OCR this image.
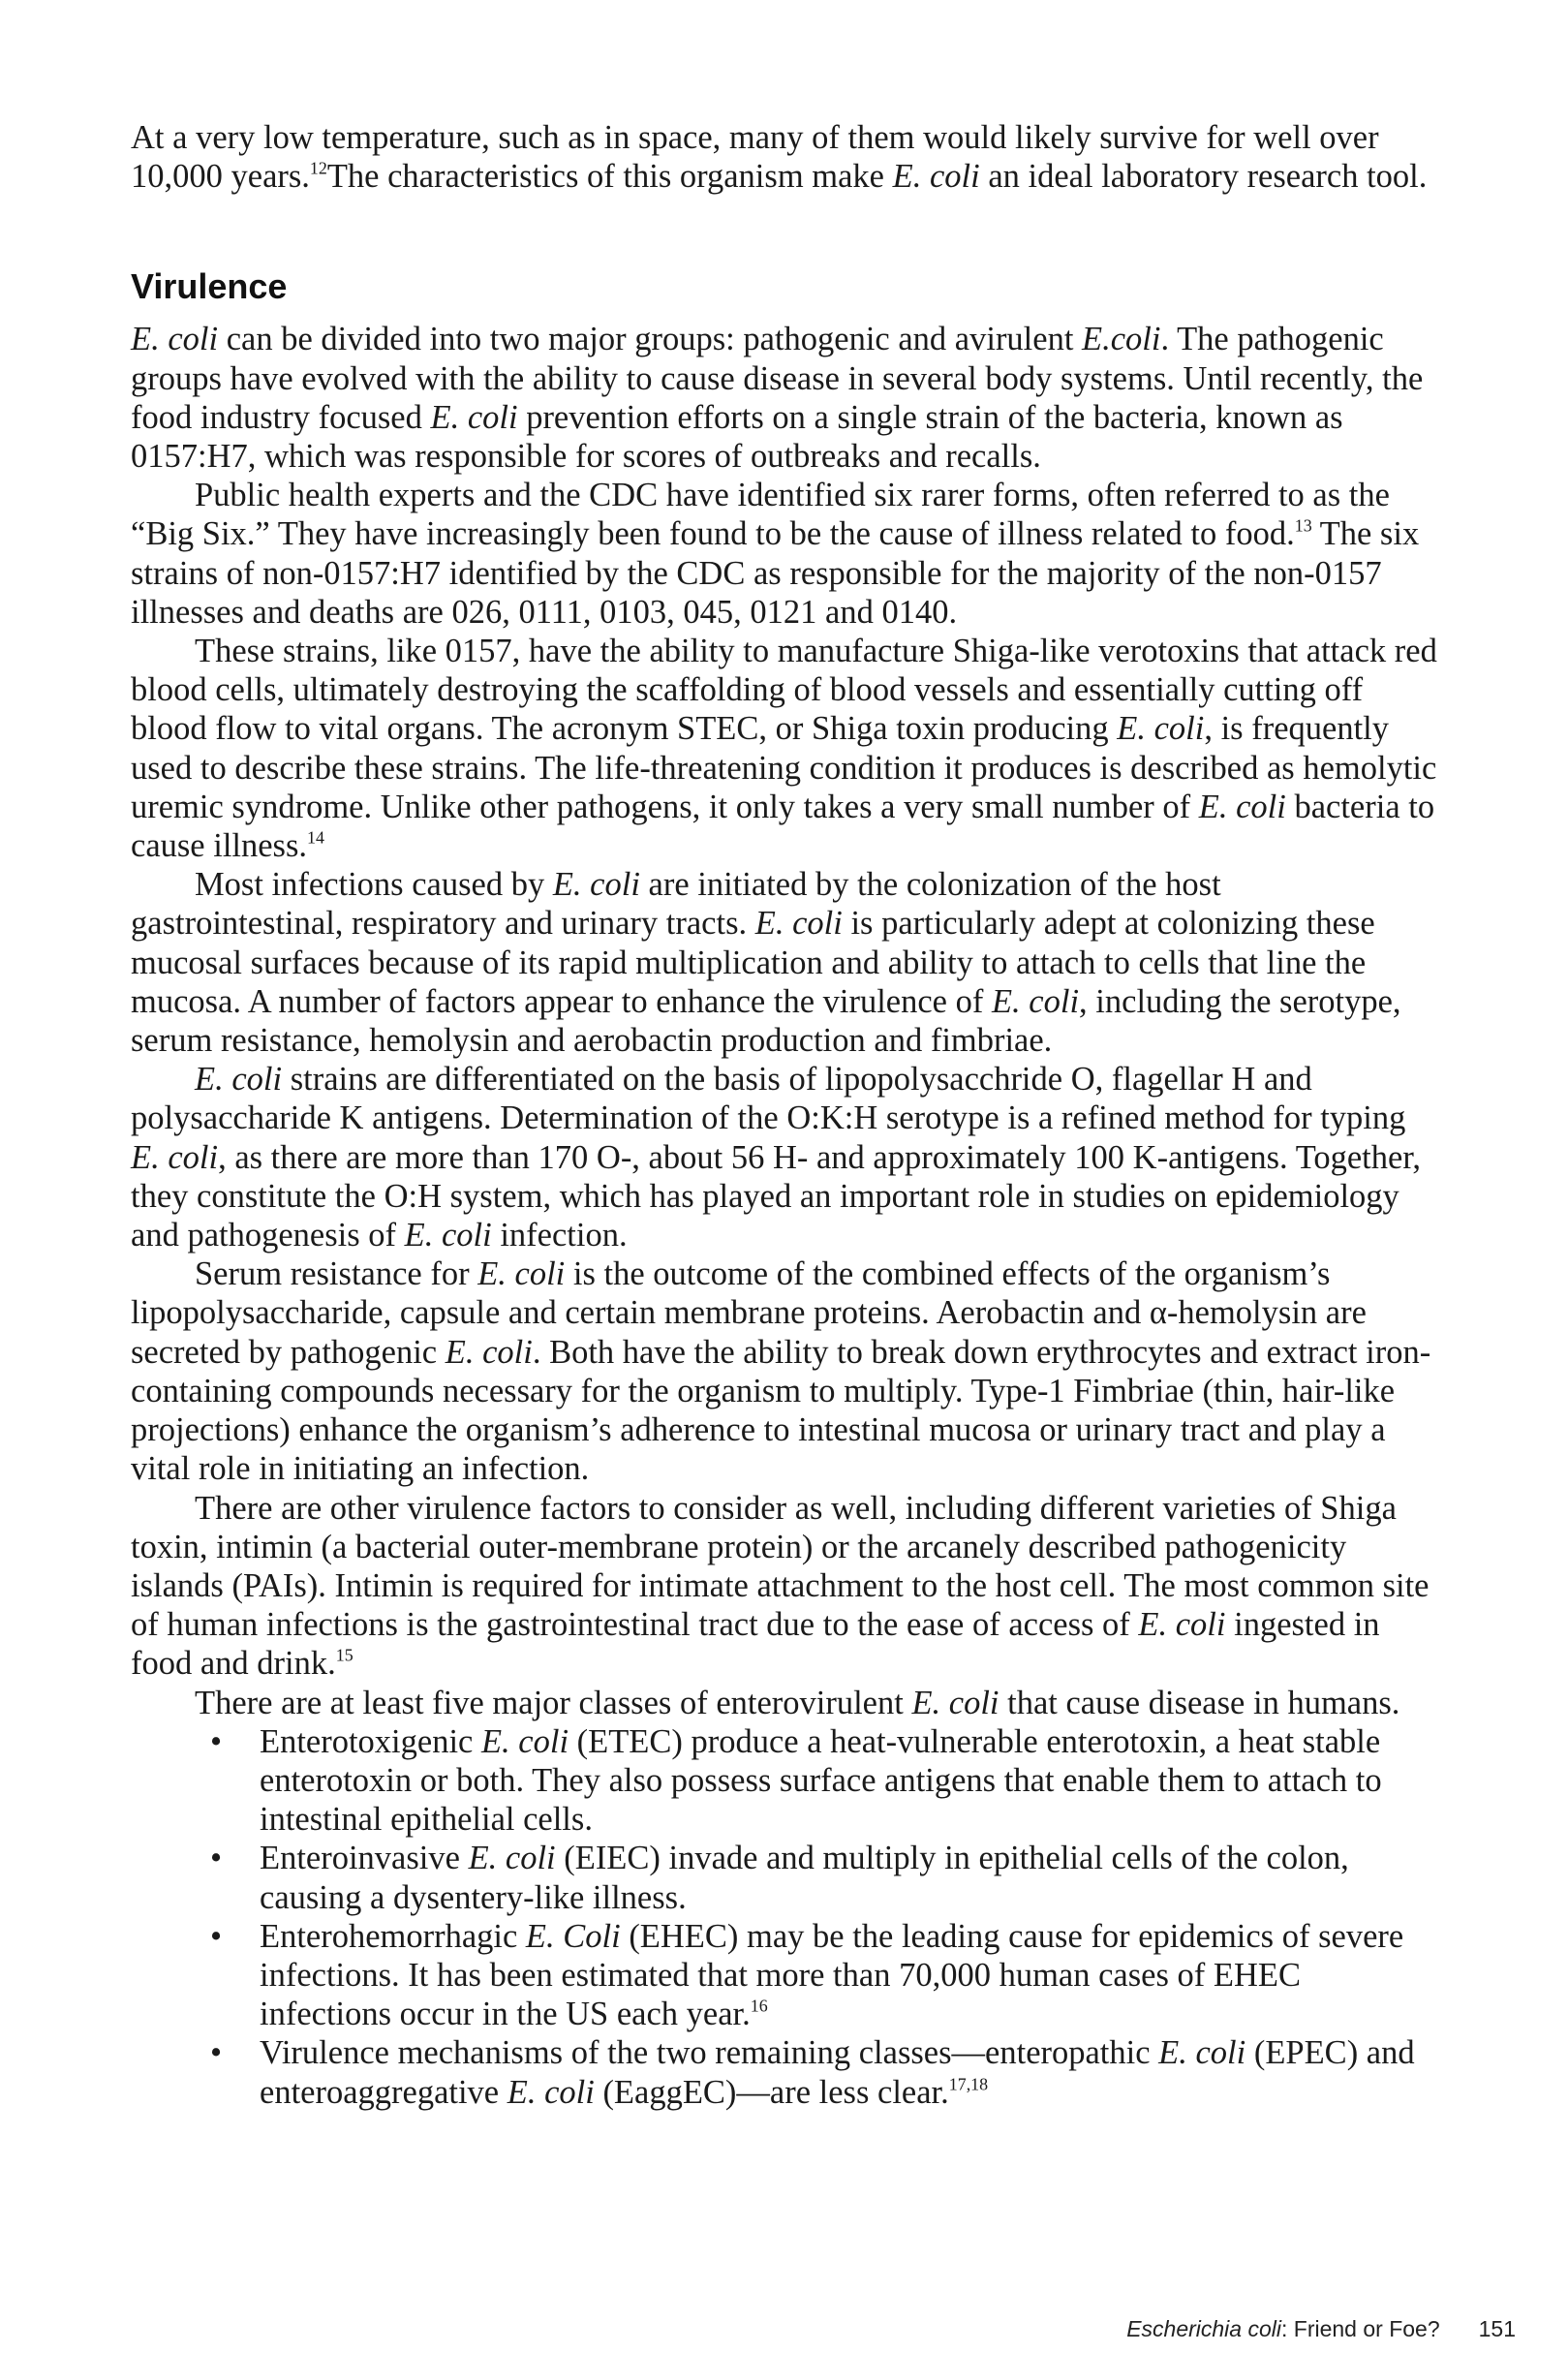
At a very low temperature, such as in space, many of them would likely survive for well over 10,000 years.$^{12}$The characteristics of this organism make E. coli an ideal laboratory research tool.

Virulence

E. coli can be divided into two major groups: pathogenic and avirulent E.coli. The pathogenic groups have evolved with the ability to cause disease in several body systems. Until recently, the food industry focused E. coli prevention efforts on a single strain of the bacteria, known as 0157:H7, which was responsible for scores of outbreaks and recalls.

Public health experts and the CDC have identified six rarer forms, often referred to as the “Big Six.” They have increasingly been found to be the cause of illness related to food.$^{13}$ The six strains of non-0157:H7 identified by the CDC as responsible for the majority of the non-0157 illnesses and deaths are 026, 0111, 0103, 045, 0121 and 0140.

These strains, like 0157, have the ability to manufacture Shiga-like verotoxins that attack red blood cells, ultimately destroying the scaffolding of blood vessels and essentially cutting off blood flow to vital organs. The acronym STEC, or Shiga toxin producing E. coli, is frequently used to describe these strains. The life-threatening condition it produces is described as hemolytic uremic syndrome. Unlike other pathogens, it only takes a very small number of E. coli bacteria to cause illness.$^{14}$

Most infections caused by E. coli are initiated by the colonization of the host gastrointestinal, respiratory and urinary tracts. E. coli is particularly adept at colonizing these mucosal surfaces because of its rapid multiplication and ability to attach to cells that line the mucosa. A number of factors appear to enhance the virulence of E. coli, including the serotype, serum resistance, hemolysin and aerobactin production and fimbriae.

E. coli strains are differentiated on the basis of lipopolysacchride O, flagellar H and polysaccharide K antigens. Determination of the O:K:H serotype is a refined method for typing E. coli, as there are more than 170 O-, about 56 H- and approximately 100 K-antigens. Together, they constitute the O:H system, which has played an important role in studies on epidemiology and pathogenesis of E. coli infection.

Serum resistance for E. coli is the outcome of the combined effects of the organism’s lipopolysaccharide, capsule and certain membrane proteins. Aerobactin and α-hemolysin are secreted by pathogenic E. coli. Both have the ability to break down erythrocytes and extract iron-containing compounds necessary for the organism to multiply. Type-1 Fimbriae (thin, hair-like projections) enhance the organism’s adherence to intestinal mucosa or urinary tract and play a vital role in initiating an infection.

There are other virulence factors to consider as well, including different varieties of Shiga toxin, intimin (a bacterial outer-membrane protein) or the arcanely described pathogenicity islands (PAIs). Intimin is required for intimate attachment to the host cell. The most common site of human infections is the gastrointestinal tract due to the ease of access of E. coli ingested in food and drink.$^{15}$

There are at least five major classes of enterovirulent E. coli that cause disease in humans.

• Enterotoxigenic E. coli (ETEC) produce a heat-vulnerable enterotoxin, a heat stable enterotoxin or both. They also possess surface antigens that enable them to attach to intestinal epithelial cells.
• Enteroinvasive E. coli (EIEC) invade and multiply in epithelial cells of the colon, causing a dysentery-like illness.
• Enterohemorrhagic E. Coli (EHEC) may be the leading cause for epidemics of severe infections. It has been estimated that more than 70,000 human cases of EHEC infections occur in the US each year.$^{16}$
• Virulence mechanisms of the two remaining classes—enteropathic E. coli (EPEC) and enteroaggregative E. coli (EaggEC)—are less clear.$^{17,18}$
Escherichia coli: Friend or Foe? 151
